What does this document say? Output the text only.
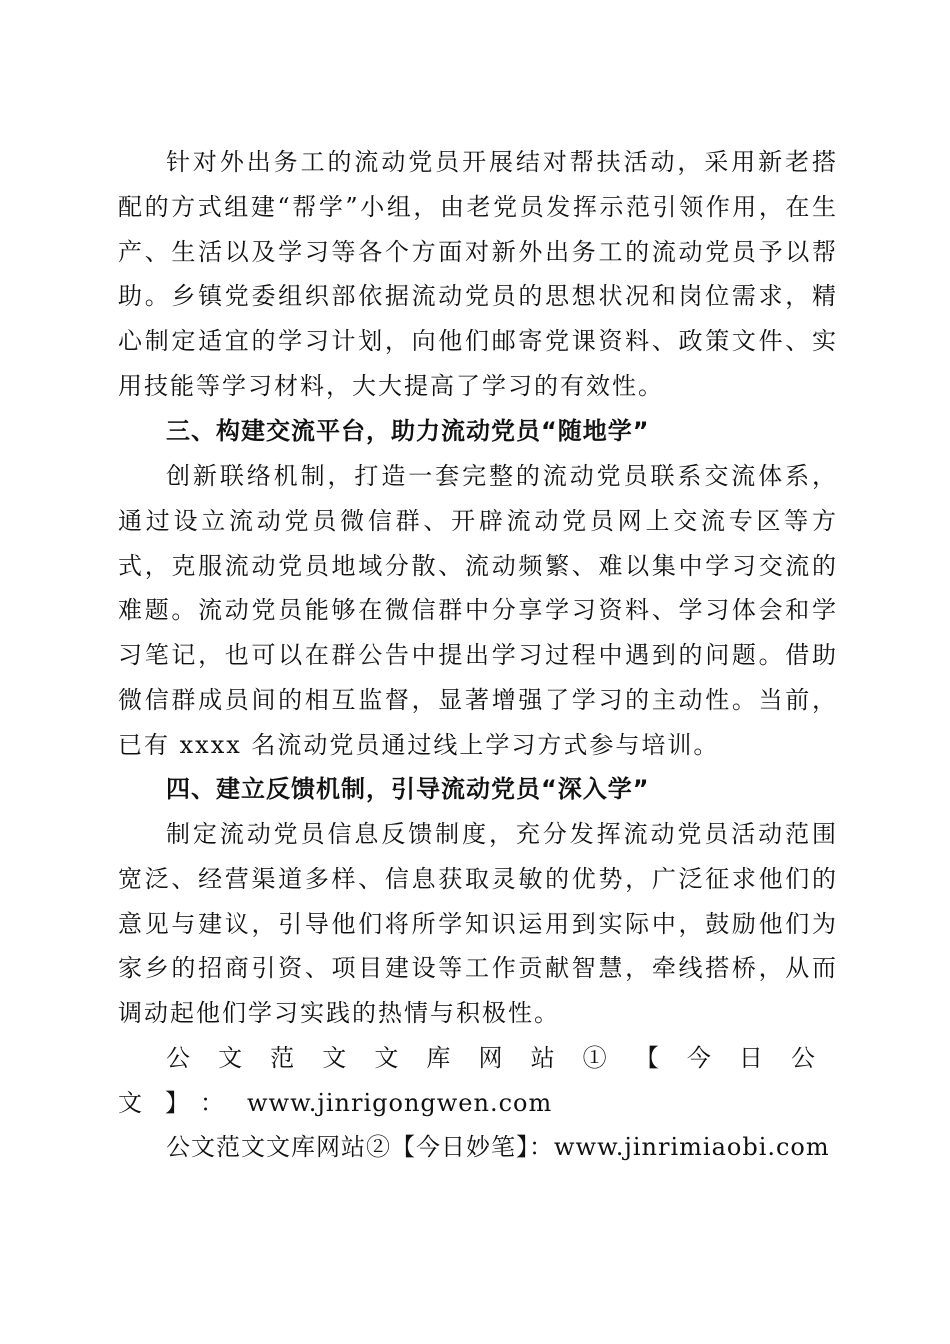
针对外出务工的流动党员开展结对帮扶活动，采用新老搭配的方式组建“帮学”小组，由老党员发挥示范引领作用，在生产、生活以及学习等各个方面对新外出务工的流动党员予以帮助。乡镇党委组织部依据流动党员的思想状况和岗位需求，精心制定适宜的学习计划，向他们邮寄党课资料、政策文件、实用技能等学习材料，大大提高了学习的有效性。

三、构建交流平台，助力流动党员“随地学”

创新联络机制，打造一套完整的流动党员联系交流体系，通过设立流动党员微信群、开辟流动党员网上交流专区等方式，克服流动党员地域分散、流动频繁、难以集中学习交流的难题。流动党员能够在微信群中分享学习资料、学习体会和学习笔记，也可以在群公告中提出学习过程中遇到的问题。借助微信群成员间的相互监督，显著增强了学习的主动性。当前，已有 xxxx 名流动党员通过线上学习方式参与培训。

四、建立反馈机制，引导流动党员“深入学”

制定流动党员信息反馈制度，充分发挥流动党员活动范围宽泛、经营渠道多样、信息获取灵敏的优势，广泛征求他们的意见与建议，引导他们将所学知识运用到实际中，鼓励他们为家乡的招商引资、项目建设等工作贡献智慧，牵线搭桥，从而调动起他们学习实践的热情与积极性。

公文范文文库网站①【今日公文】：www.jinrigongwen.com

公文范文文库网站②【今日妙笔】：www.jinrimiaobi.com
